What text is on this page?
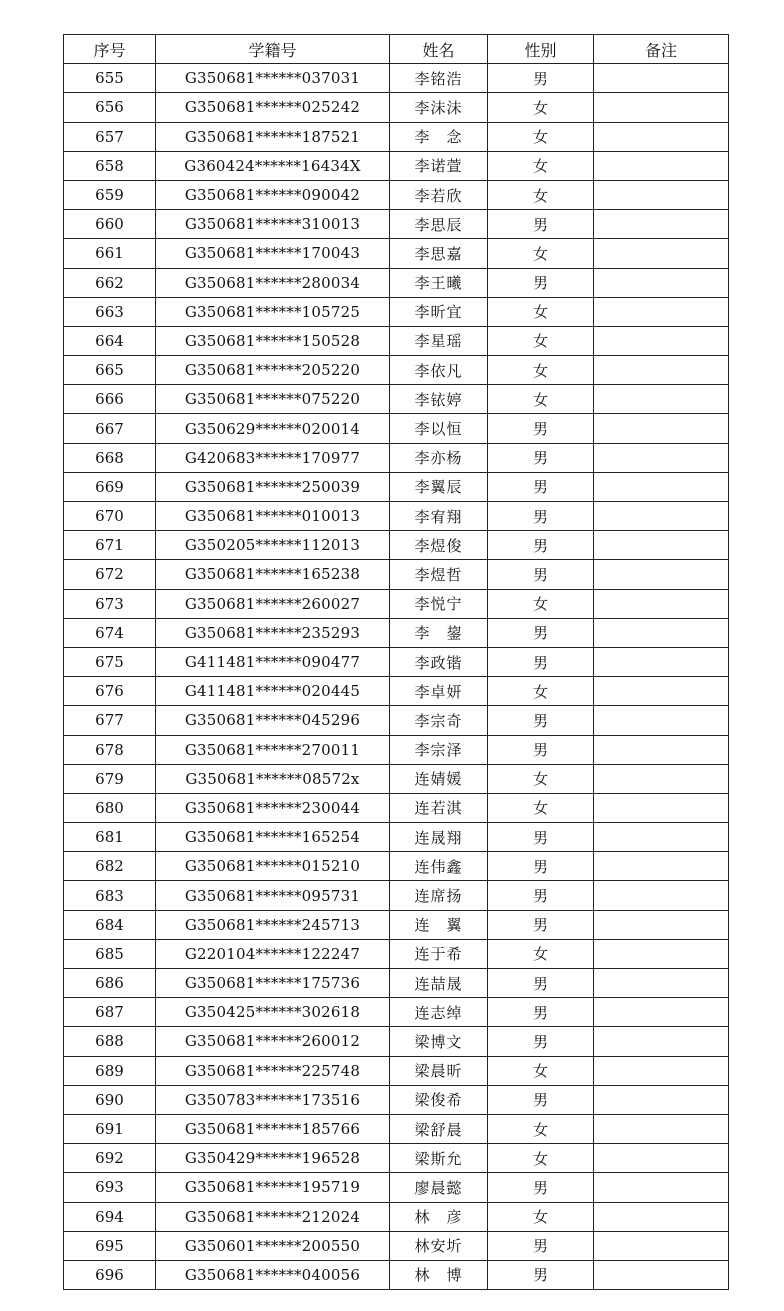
序号	学籍号	姓名	性别	备注
655	G350681******037031	李铭浩	男	
656	G350681******025242	李沫沫	女	
657	G350681******187521	李　念	女	
658	G360424******16434X	李诺萱	女	
659	G350681******090042	李若欣	女	
660	G350681******310013	李思辰	男	
661	G350681******170043	李思嘉	女	
662	G350681******280034	李王曦	男	
663	G350681******105725	李昕宜	女	
664	G350681******150528	李星瑶	女	
665	G350681******205220	李依凡	女	
666	G350681******075220	李铱婷	女	
667	G350629******020014	李以恒	男	
668	G420683******170977	李亦杨	男	
669	G350681******250039	李翼辰	男	
670	G350681******010013	李宥翔	男	
671	G350205******112013	李煜俊	男	
672	G350681******165238	李煜哲	男	
673	G350681******260027	李悦宁	女	
674	G350681******235293	李　鋆	男	
675	G411481******090477	李政锴	男	
676	G411481******020445	李卓妍	女	
677	G350681******045296	李宗奇	男	
678	G350681******270011	李宗泽	男	
679	G350681******08572x	连婧媛	女	
680	G350681******230044	连若淇	女	
681	G350681******165254	连晟翔	男	
682	G350681******015210	连伟鑫	男	
683	G350681******095731	连席扬	男	
684	G350681******245713	连　翼	男	
685	G220104******122247	连于希	女	
686	G350681******175736	连喆晟	男	
687	G350425******302618	连志绰	男	
688	G350681******260012	梁博文	男	
689	G350681******225748	梁晨昕	女	
690	G350783******173516	梁俊希	男	
691	G350681******185766	梁舒晨	女	
692	G350429******196528	梁斯允	女	
693	G350681******195719	廖晨懿	男	
694	G350681******212024	林　彦	女	
695	G350601******200550	林安圻	男	
696	G350681******040056	林　博	男	
